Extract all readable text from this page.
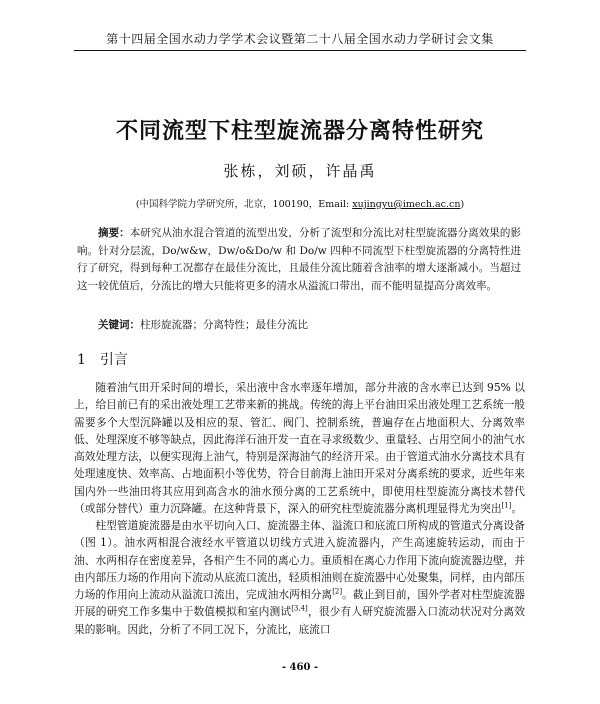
第十四届全国水动力学学术会议暨第二十八届全国水动力学研讨会文集
不同流型下柱型旋流器分离特性研究
张栋，刘硕，许晶禹
(中国科学院力学研究所，北京，100190，Email: xujingyu@imech.ac.cn)
摘要：本研究从油水混合管道的流型出发，分析了流型和分流比对柱型旋流器分离效果的影响。针对分层流，Do/w&w，Dw/o&Do/w 和 Do/w 四种不同流型下柱型旋流器的分离特性进行了研究，得到每种工况都存在最佳分流比，且最佳分流比随着含油率的增大逐渐减小。当超过这一较优值后，分流比的增大只能将更多的清水从溢流口带出，而不能明显提高分离效率。
关键词：柱形旋流器；分离特性；最佳分流比
1 引言

随着油气田开采时间的增长，采出液中含水率逐年增加，部分井液的含水率已达到 95% 以上，给目前已有的采出液处理工艺带来新的挑战。传统的海上平台油田采出液处理工艺系统一般需要多个大型沉降罐以及相应的泵、管汇、阀门、控制系统，普遍存在占地面积大、分离效率低、处理深度不够等缺点，因此海洋石油开发一直在寻求级数少、重量轻、占用空间小的油气水高效处理方法，以便实现海上油气，特别是深海油气的经济开采。由于管道式油水分离技术具有处理速度快、效率高、占地面积小等优势，符合目前海上油田开采对分离系统的要求，近些年来国内外一些油田将其应用到高含水的油水预分离的工艺系统中，即使用柱型旋流分离技术替代（或部分替代）重力沉降罐。在这种背景下，深入的研究柱型旋流器分离机理显得尤为突出[1]。

柱型管道旋流器是由水平切向入口、旋流器主体、溢流口和底流口所构成的管道式分离设备（图 1）。油水两相混合液经水平管道以切线方式进入旋流器内，产生高速旋转运动，而由于油、水两相存在密度差异，各相产生不同的离心力。重质相在离心力作用下流向旋流器边壁，并由内部压力场的作用向下流动从底流口流出，轻质相油则在旋流器中心处聚集，同样，由内部压力场的作用向上流动从溢流口流出，完成油水两相分离[2]。截止到目前，国外学者对柱型旋流器开展的研究工作多集中于数值模拟和室内测试[3,4]，很少有人研究旋流器入口流动状况对分离效果的影响。因此，分析了不同工况下，分流比，底流口

- 460 -
